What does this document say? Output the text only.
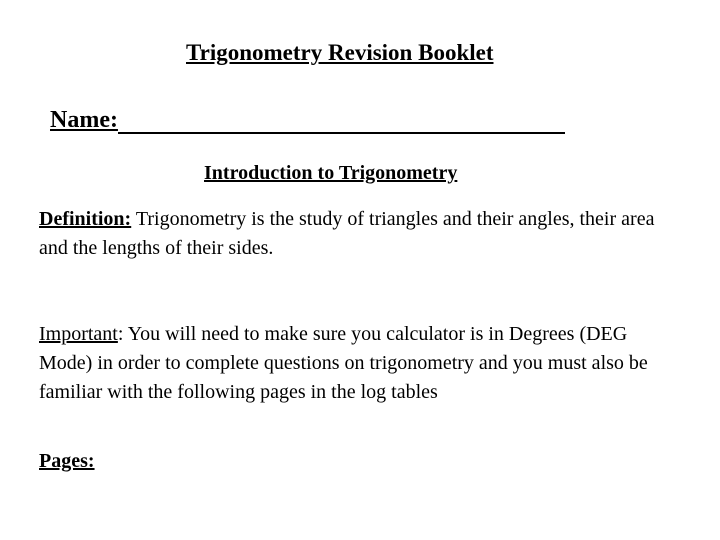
Trigonometry Revision Booklet
Name:
Introduction to Trigonometry
Definition: Trigonometry is the study of triangles and their angles, their area and the lengths of their sides.
Important: You will need to make sure you calculator is in Degrees (DEG Mode) in order to complete questions on trigonometry and you must also be familiar with the following pages in the log tables
Pages:
